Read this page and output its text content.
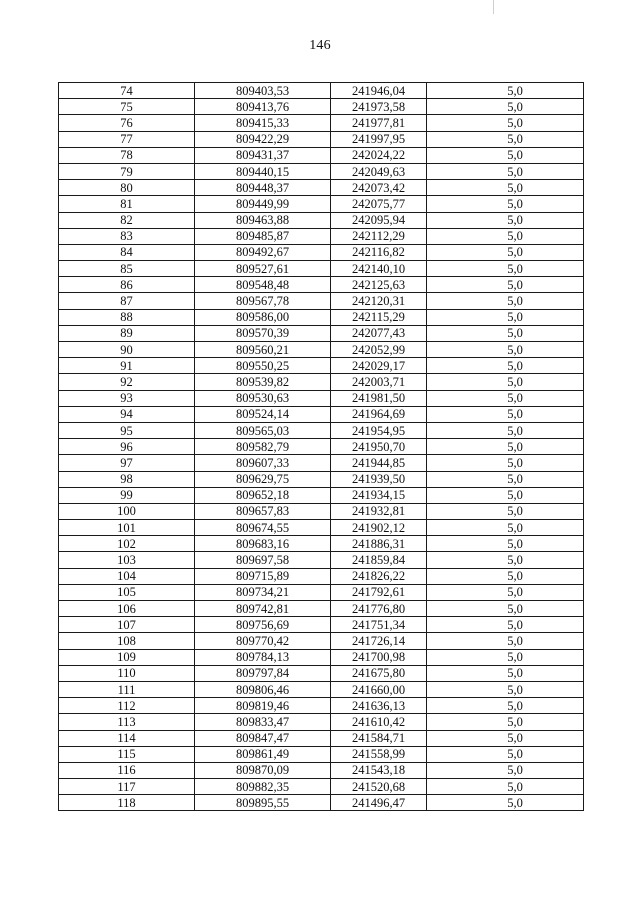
146
74	809403,53	241946,04	5,0
75	809413,76	241973,58	5,0
76	809415,33	241977,81	5,0
77	809422,29	241997,95	5,0
78	809431,37	242024,22	5,0
79	809440,15	242049,63	5,0
80	809448,37	242073,42	5,0
81	809449,99	242075,77	5,0
82	809463,88	242095,94	5,0
83	809485,87	242112,29	5,0
84	809492,67	242116,82	5,0
85	809527,61	242140,10	5,0
86	809548,48	242125,63	5,0
87	809567,78	242120,31	5,0
88	809586,00	242115,29	5,0
89	809570,39	242077,43	5,0
90	809560,21	242052,99	5,0
91	809550,25	242029,17	5,0
92	809539,82	242003,71	5,0
93	809530,63	241981,50	5,0
94	809524,14	241964,69	5,0
95	809565,03	241954,95	5,0
96	809582,79	241950,70	5,0
97	809607,33	241944,85	5,0
98	809629,75	241939,50	5,0
99	809652,18	241934,15	5,0
100	809657,83	241932,81	5,0
101	809674,55	241902,12	5,0
102	809683,16	241886,31	5,0
103	809697,58	241859,84	5,0
104	809715,89	241826,22	5,0
105	809734,21	241792,61	5,0
106	809742,81	241776,80	5,0
107	809756,69	241751,34	5,0
108	809770,42	241726,14	5,0
109	809784,13	241700,98	5,0
110	809797,84	241675,80	5,0
111	809806,46	241660,00	5,0
112	809819,46	241636,13	5,0
113	809833,47	241610,42	5,0
114	809847,47	241584,71	5,0
115	809861,49	241558,99	5,0
116	809870,09	241543,18	5,0
117	809882,35	241520,68	5,0
118	809895,55	241496,47	5,0
